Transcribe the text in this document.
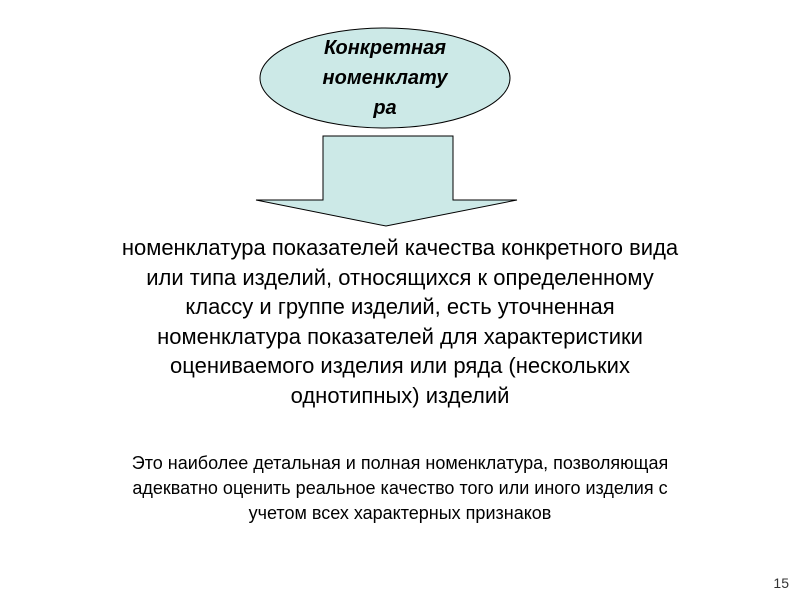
Конкретная
номенклату
ра

номенклатура показателей качества конкретного вида
или типа изделий, относящихся к определенному
классу и группе изделий, есть уточненная
номенклатура показателей для характеристики
оцениваемого изделия или ряда (нескольких
однотипных) изделий

Это наиболее детальная и полная номенклатура, позволяющая
адекватно оценить реальное качество того или иного изделия с
учетом всех характерных признаков

15
